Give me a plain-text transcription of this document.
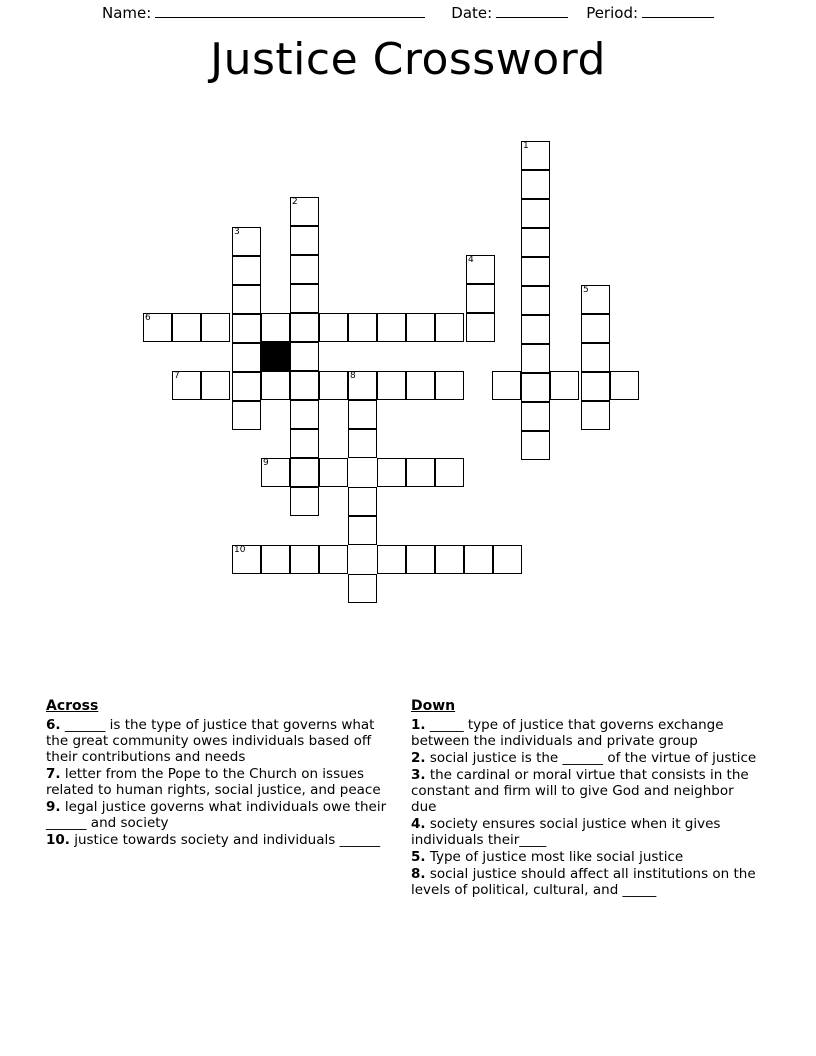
Name:	Date:	Period:
Justice Crossword
1
2
3
4
5
6
7	8
9
10
Across

6. ______ is the type of justice that governs what the great community owes individuals based off their contributions and needs

7. letter from the Pope to the Church on issues related to human rights, social justice, and peace

9. legal justice governs what individuals owe their ______ and society

10. justice towards society and individuals ______

Down

1. _____ type of justice that governs exchange between the individuals and private group

2. social justice is the ______ of the virtue of justice

3. the cardinal or moral virtue that consists in the constant and firm will to give God and neighbor due

4. society ensures social justice when it gives individuals their____

5. Type of justice most like social justice

8. social justice should affect all institutions on the levels of political, cultural, and _____
